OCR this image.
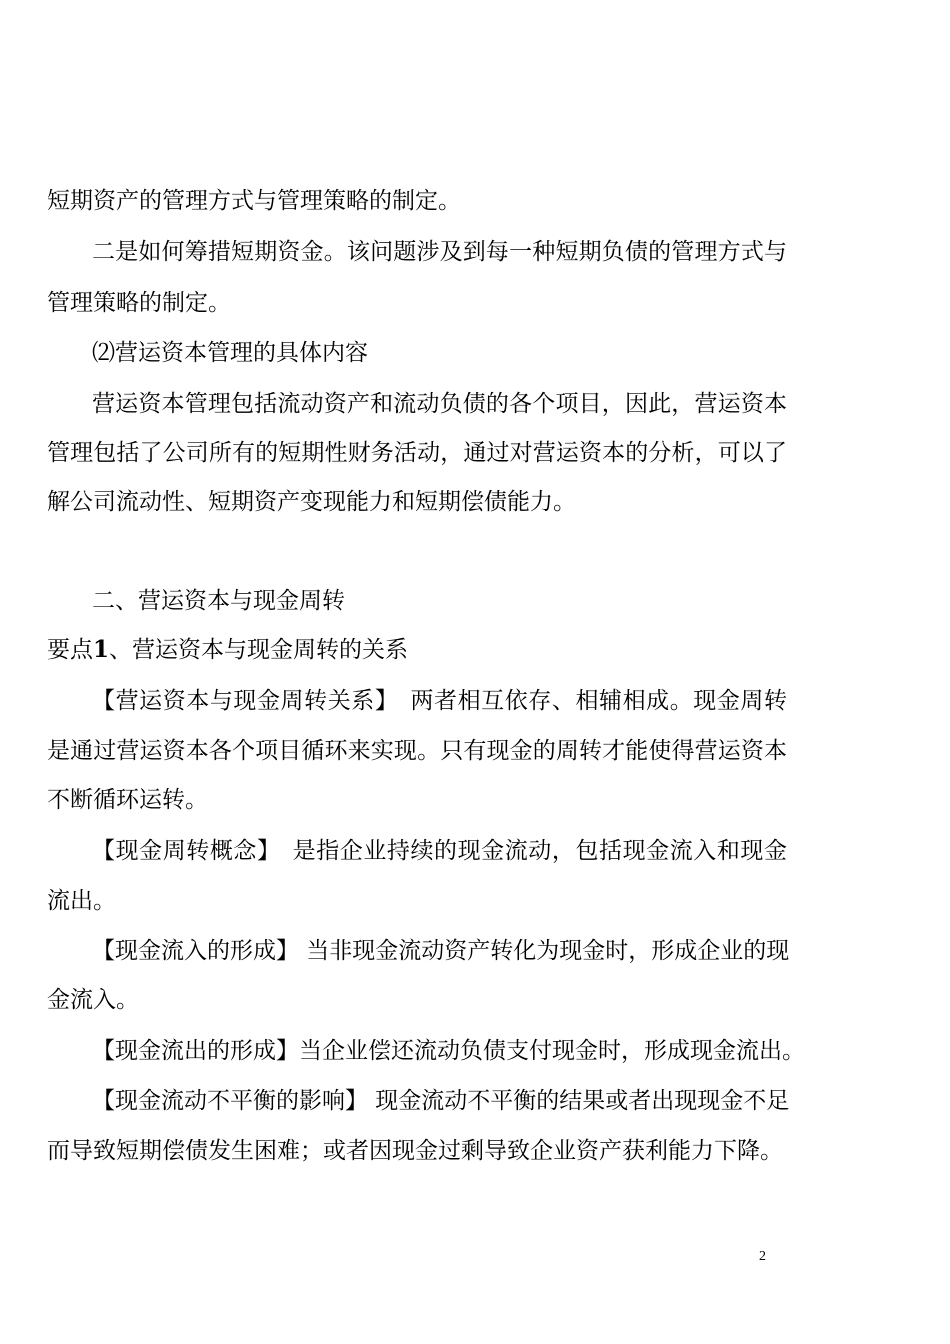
短期资产的管理方式与管理策略的制定。
二是如何筹措短期资金。该问题涉及到每一种短期负债的管理方式与
管理策略的制定。
⑵营运资本管理的具体内容
营运资本管理包括流动资产和流动负债的各个项目，因此，营运资本
管理包括了公司所有的短期性财务活动，通过对营运资本的分析，可以了
解公司流动性、短期资产变现能力和短期偿债能力。
二、营运资本与现金周转
要点1、营运资本与现金周转的关系
【营运资本与现金周转关系】　两者相互依存、相辅相成。现金周转
是通过营运资本各个项目循环来实现。只有现金的周转才能使得营运资本
不断循环运转。
【现金周转概念】　是指企业持续的现金流动，包括现金流入和现金
流出。
【现金流入的形成】 当非现金流动资产转化为现金时，形成企业的现
金流入。
【现金流出的形成】当企业偿还流动负债支付现金时，形成现金流出。
【现金流动不平衡的影响】 现金流动不平衡的结果或者出现现金不足
而导致短期偿债发生困难；或者因现金过剩导致企业资产获利能力下降。
2
